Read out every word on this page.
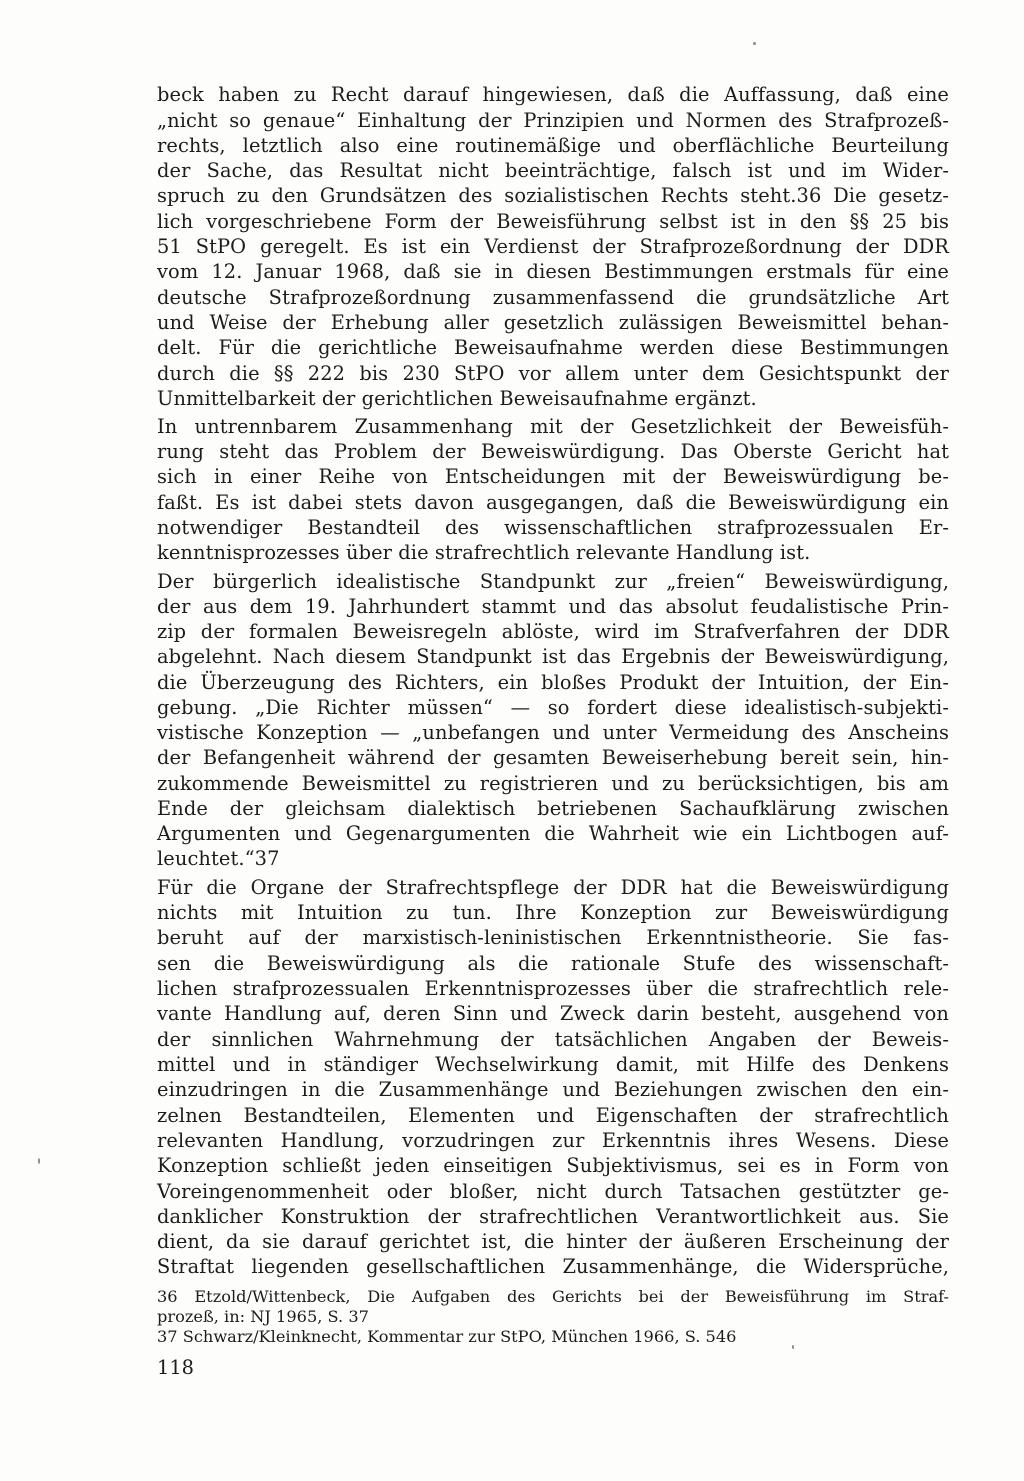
beck haben zu Recht darauf hingewiesen, daß die Auffassung, daß eine
„nicht so genaue“ Einhaltung der Prinzipien und Normen des Strafprozeß-
rechts, letztlich also eine routinemäßige und oberflächliche Beurteilung
der Sache, das Resultat nicht beeinträchtige, falsch ist und im Wider-
spruch zu den Grundsätzen des sozialistischen Rechts steht.36 Die gesetz-
lich vorgeschriebene Form der Beweisführung selbst ist in den §§ 25 bis
51 StPO geregelt. Es ist ein Verdienst der Strafprozeßordnung der DDR
vom 12. Januar 1968, daß sie in diesen Bestimmungen erstmals für eine
deutsche Strafprozeßordnung zusammenfassend die grundsätzliche Art
und Weise der Erhebung aller gesetzlich zulässigen Beweismittel behan-
delt. Für die gerichtliche Beweisaufnahme werden diese Bestimmungen
durch die §§ 222 bis 230 StPO vor allem unter dem Gesichtspunkt der
Unmittelbarkeit der gerichtlichen Beweisaufnahme ergänzt.
In untrennbarem Zusammenhang mit der Gesetzlichkeit der Beweisfüh-
rung steht das Problem der Beweiswürdigung. Das Oberste Gericht hat
sich in einer Reihe von Entscheidungen mit der Beweiswürdigung be-
faßt. Es ist dabei stets davon ausgegangen, daß die Beweiswürdigung ein
notwendiger Bestandteil des wissenschaftlichen strafprozessualen Er-
kenntnisprozesses über die strafrechtlich relevante Handlung ist.
Der bürgerlich idealistische Standpunkt zur „freien“ Beweiswürdigung,
der aus dem 19. Jahrhundert stammt und das absolut feudalistische Prin-
zip der formalen Beweisregeln ablöste, wird im Strafverfahren der DDR
abgelehnt. Nach diesem Standpunkt ist das Ergebnis der Beweiswürdigung,
die Überzeugung des Richters, ein bloßes Produkt der Intuition, der Ein-
gebung. „Die Richter müssen“ — so fordert diese idealistisch-subjekti-
vistische Konzeption — „unbefangen und unter Vermeidung des Anscheins
der Befangenheit während der gesamten Beweiserhebung bereit sein, hin-
zukommende Beweismittel zu registrieren und zu berücksichtigen, bis am
Ende der gleichsam dialektisch betriebenen Sachaufklärung zwischen
Argumenten und Gegenargumenten die Wahrheit wie ein Lichtbogen auf-
leuchtet.“37
Für die Organe der Strafrechtspflege der DDR hat die Beweiswürdigung
nichts mit Intuition zu tun. Ihre Konzeption zur Beweiswürdigung
beruht auf der marxistisch-leninistischen Erkenntnistheorie. Sie fas-
sen die Beweiswürdigung als die rationale Stufe des wissenschaft-
lichen strafprozessualen Erkenntnisprozesses über die strafrechtlich rele-
vante Handlung auf, deren Sinn und Zweck darin besteht, ausgehend von
der sinnlichen Wahrnehmung der tatsächlichen Angaben der Beweis-
mittel und in ständiger Wechselwirkung damit, mit Hilfe des Denkens
einzudringen in die Zusammenhänge und Beziehungen zwischen den ein-
zelnen Bestandteilen, Elementen und Eigenschaften der strafrechtlich
relevanten Handlung, vorzudringen zur Erkenntnis ihres Wesens. Diese
Konzeption schließt jeden einseitigen Subjektivismus, sei es in Form von
Voreingenommenheit oder bloßer, nicht durch Tatsachen gestützter ge-
danklicher Konstruktion der strafrechtlichen Verantwortlichkeit aus. Sie
dient, da sie darauf gerichtet ist, die hinter der äußeren Erscheinung der
Straftat liegenden gesellschaftlichen Zusammenhänge, die Widersprüche,
36 Etzold/Wittenbeck, Die Aufgaben des Gerichts bei der Beweisführung im Straf-
prozeß, in: NJ 1965, S. 37
37 Schwarz/Kleinknecht, Kommentar zur StPO, München 1966, S. 546
118
